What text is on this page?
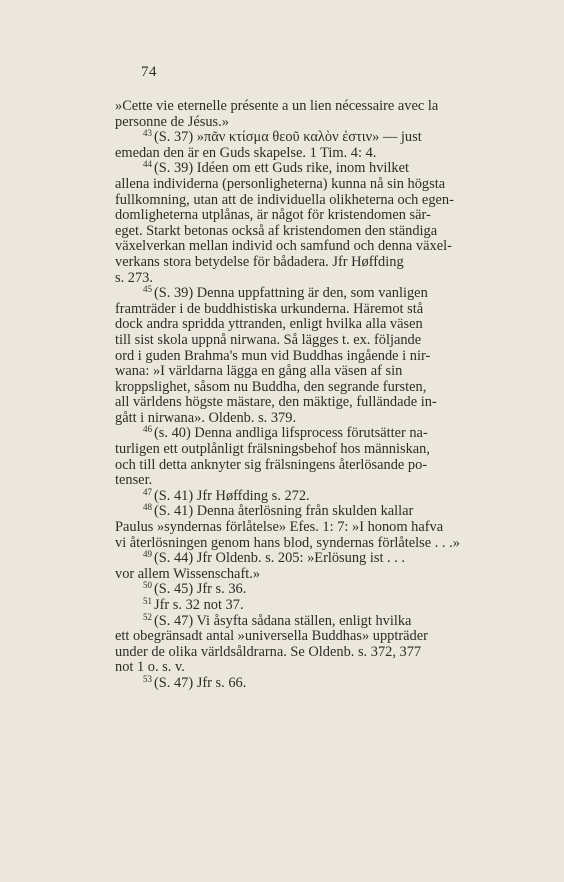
74
»Cette vie eternelle présente a un lien nécessaire avec la
personne de Jésus.»
$^{43}$ (S. 37) »πᾶν κτίσμα θεοῦ καλὸν ἐστιν» — just
emedan den är en Guds skapelse. 1 Tim. 4: 4.
$^{44}$ (S. 39) Idéen om ett Guds rike, inom hvilket
allena individerna (personligheterna) kunna nå sin högsta
fullkomning, utan att de individuella olikheterna och egen-
domligheterna utplånas, är något för kristendomen sär-
eget. Starkt betonas också af kristendomen den ständiga
växelverkan mellan individ och samfund och denna växel-
verkans stora betydelse för bådadera. Jfr Høffding
s. 273.
$^{45}$ (S. 39) Denna uppfattning är den, som vanligen
framträder i de buddhistiska urkunderna. Häremot stå
dock andra spridda yttranden, enligt hvilka alla väsen
till sist skola uppnå nirwana. Så lägges t. ex. följande
ord i guden Brahma's mun vid Buddhas ingående i nir-
wana: »I världarna lägga en gång alla väsen af sin
kroppslighet, såsom nu Buddha, den segrande fursten,
all världens högste mästare, den mäktige, fulländade in-
gått i nirwana». Oldenb. s. 379.
$^{46}$ (s. 40) Denna andliga lifsprocess förutsätter na-
turligen ett outplånligt frälsningsbehof hos människan,
och till detta anknyter sig frälsningens återlösande po-
tenser.
$^{47}$ (S. 41) Jfr Høffding s. 272.
$^{48}$ (S. 41) Denna återlösning från skulden kallar
Paulus »syndernas förlåtelse» Efes. 1: 7: »I honom hafva
vi återlösningen genom hans blod, syndernas förlåtelse . . .»
$^{49}$ (S. 44) Jfr Oldenb. s. 205: »Erlösung ist . . .
vor allem Wissenschaft.»
$^{50}$ (S. 45) Jfr s. 36.
$^{51}$ Jfr s. 32 not 37.
$^{52}$ (S. 47) Vi åsyfta sådana ställen, enligt hvilka
ett obegränsadt antal »universella Buddhas» uppträder
under de olika världsåldrarna. Se Oldenb. s. 372, 377
not 1 o. s. v.
$^{53}$ (S. 47) Jfr s. 66.
